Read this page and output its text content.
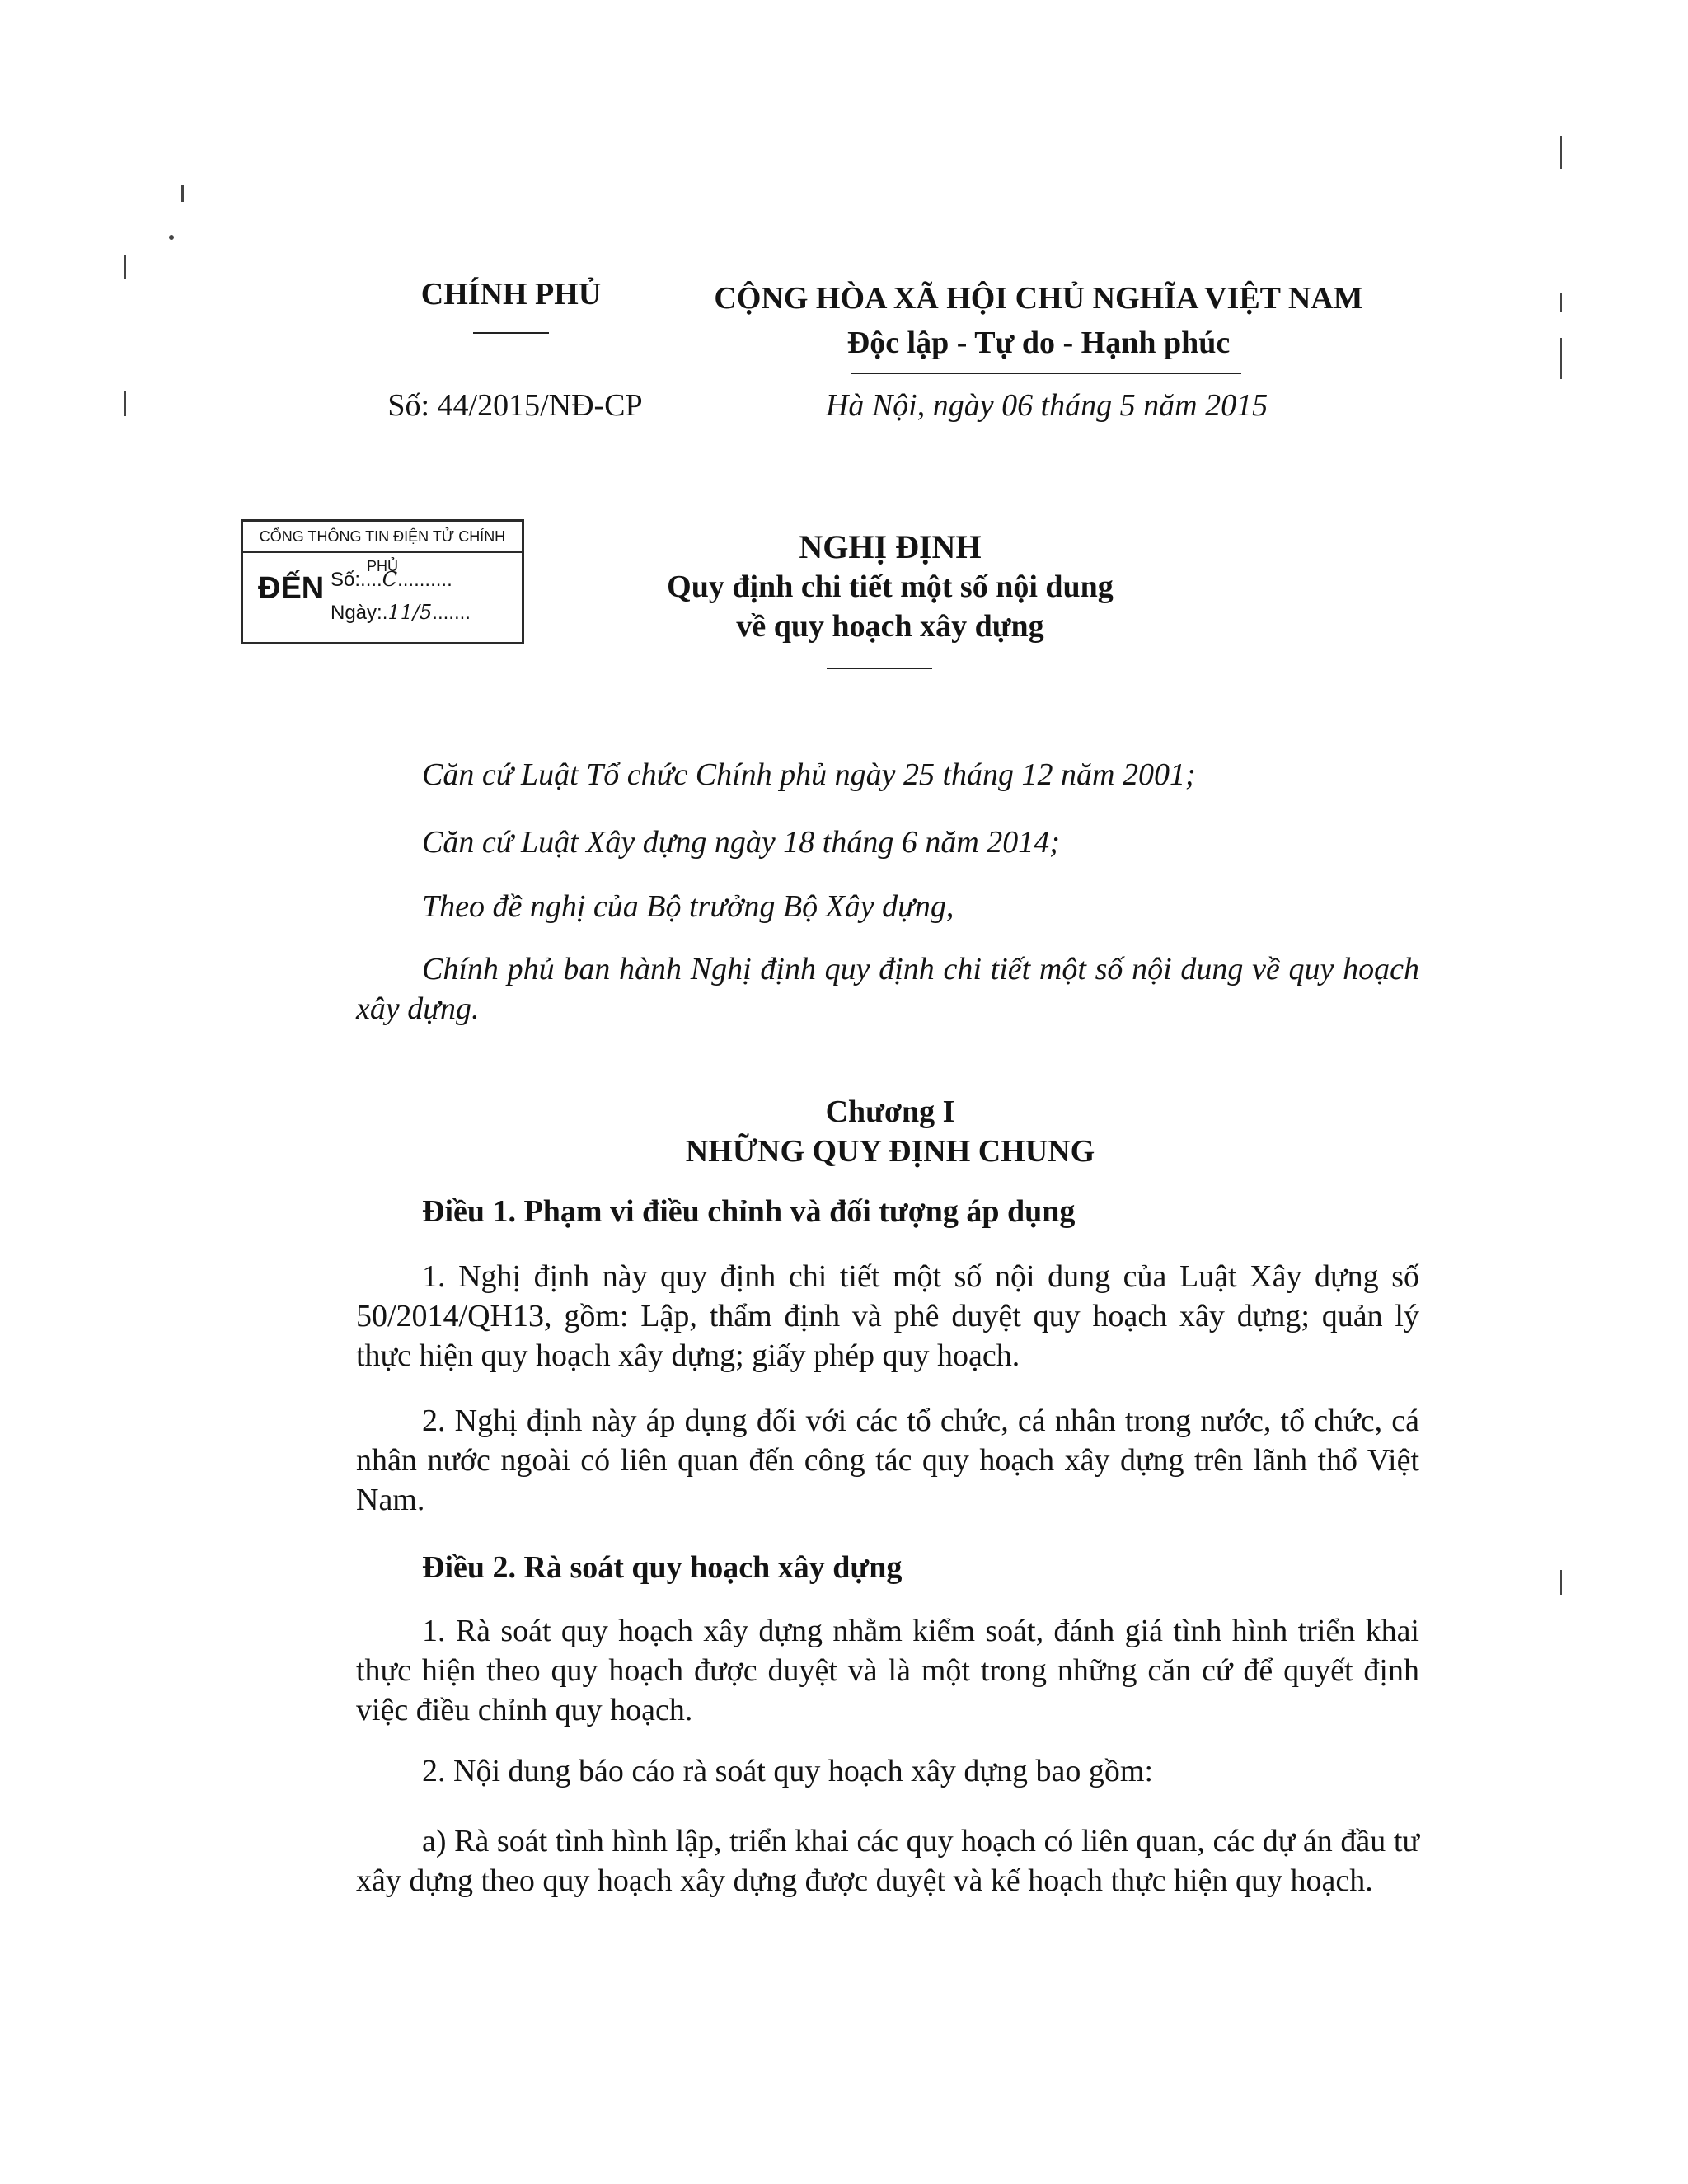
CHÍNH PHỦ	CỘNG HÒA XÃ HỘI CHỦ NGHĨA VIỆT NAM
Độc lập - Tự do - Hạnh phúc
Số: 44/2015/NĐ-CP	Hà Nội, ngày 06 tháng 5 năm 2015
CỔNG THÔNG TIN ĐIỆN TỬ CHÍNH PHỦ
ĐẾN Số:....C..........
Ngày:.11/5.......
NGHỊ ĐỊNH
Quy định chi tiết một số nội dung
về quy hoạch xây dựng
Căn cứ Luật Tổ chức Chính phủ ngày 25 tháng 12 năm 2001;
Căn cứ Luật Xây dựng ngày 18 tháng 6 năm 2014;
Theo đề nghị của Bộ trưởng Bộ Xây dựng,
Chính phủ ban hành Nghị định quy định chi tiết một số nội dung về quy hoạch xây dựng.
Chương I
NHỮNG QUY ĐỊNH CHUNG
Điều 1. Phạm vi điều chỉnh và đối tượng áp dụng
1. Nghị định này quy định chi tiết một số nội dung của Luật Xây dựng số 50/2014/QH13, gồm: Lập, thẩm định và phê duyệt quy hoạch xây dựng; quản lý thực hiện quy hoạch xây dựng; giấy phép quy hoạch.
2. Nghị định này áp dụng đối với các tổ chức, cá nhân trong nước, tổ chức, cá nhân nước ngoài có liên quan đến công tác quy hoạch xây dựng trên lãnh thổ Việt Nam.
Điều 2. Rà soát quy hoạch xây dựng
1. Rà soát quy hoạch xây dựng nhằm kiểm soát, đánh giá tình hình triển khai thực hiện theo quy hoạch được duyệt và là một trong những căn cứ để quyết định việc điều chỉnh quy hoạch.
2. Nội dung báo cáo rà soát quy hoạch xây dựng bao gồm:
a) Rà soát tình hình lập, triển khai các quy hoạch có liên quan, các dự án đầu tư xây dựng theo quy hoạch xây dựng được duyệt và kế hoạch thực hiện quy hoạch.
